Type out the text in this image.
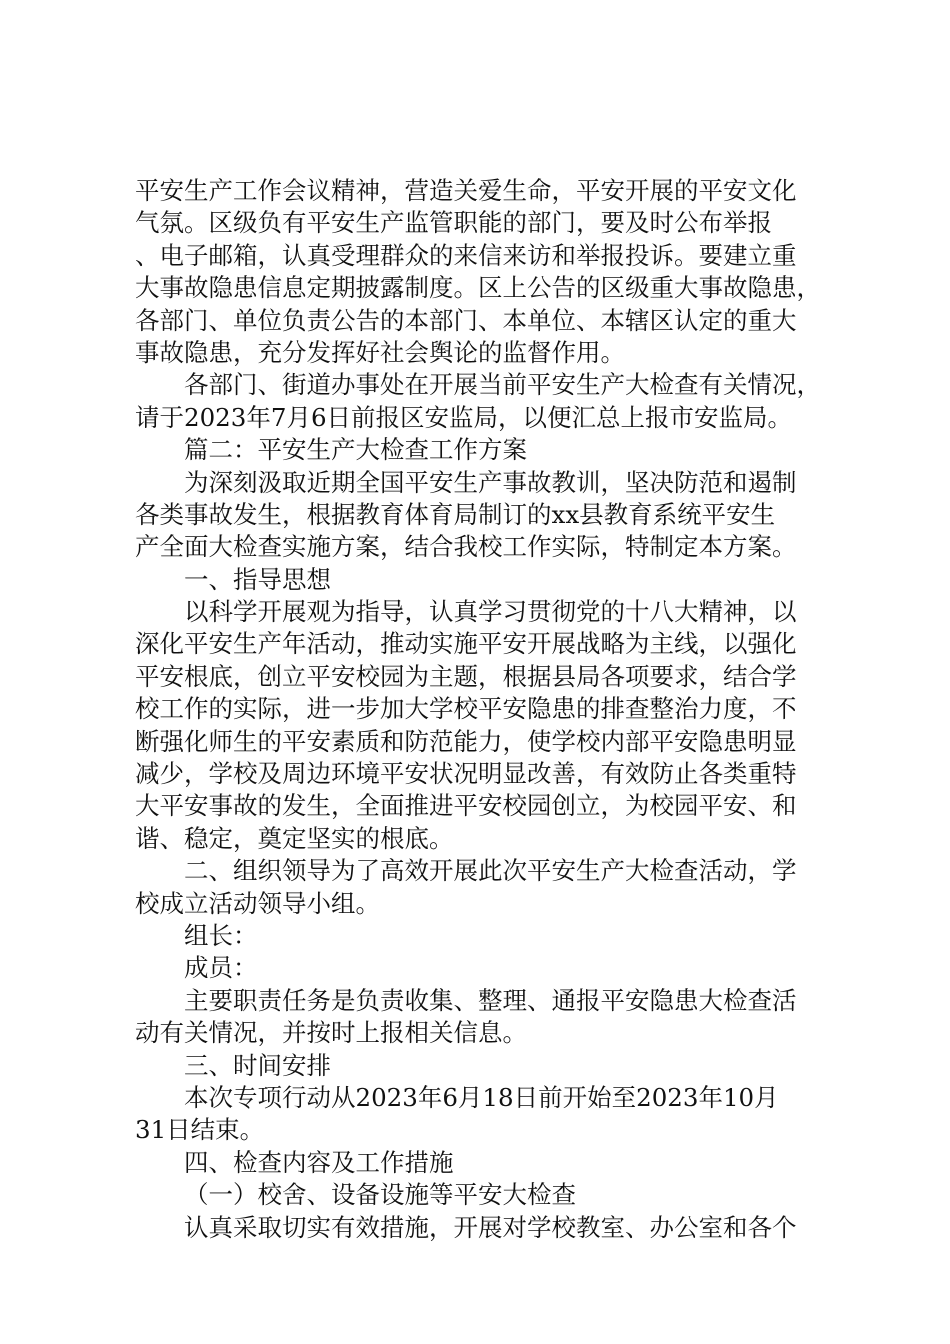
平安生产工作会议精神，营造关爱生命，平安开展的平安文化
气氛。区级负有平安生产监管职能的部门，要及时公布举报
、电子邮箱，认真受理群众的来信来访和举报投诉。要建立重
大事故隐患信息定期披露制度。区上公告的区级重大事故隐患，
各部门、单位负责公告的本部门、本单位、本辖区认定的重大
事故隐患，充分发挥好社会舆论的监督作用。
各部门、街道办事处在开展当前平安生产大检查有关情况，
请于2023年7月6日前报区安监局，以便汇总上报市安监局。
篇二：平安生产大检查工作方案
为深刻汲取近期全国平安生产事故教训，坚决防范和遏制
各类事故发生，根据教育体育局制订的xx县教育系统平安生
产全面大检查实施方案，结合我校工作实际，特制定本方案。
一、指导思想
以科学开展观为指导，认真学习贯彻党的十八大精神，以
深化平安生产年活动，推动实施平安开展战略为主线，以强化
平安根底，创立平安校园为主题，根据县局各项要求，结合学
校工作的实际，进一步加大学校平安隐患的排查整治力度，不
断强化师生的平安素质和防范能力，使学校内部平安隐患明显
减少，学校及周边环境平安状况明显改善，有效防止各类重特
大平安事故的发生，全面推进平安校园创立，为校园平安、和
谐、稳定，奠定坚实的根底。
二、组织领导为了高效开展此次平安生产大检查活动，学
校成立活动领导小组。
组长：
成员：
主要职责任务是负责收集、整理、通报平安隐患大检查活
动有关情况，并按时上报相关信息。
三、时间安排
本次专项行动从2023年6月18日前开始至2023年10月
31日结束。
四、检查内容及工作措施
（一）校舍、设备设施等平安大检查
认真采取切实有效措施，开展对学校教室、办公室和各个
